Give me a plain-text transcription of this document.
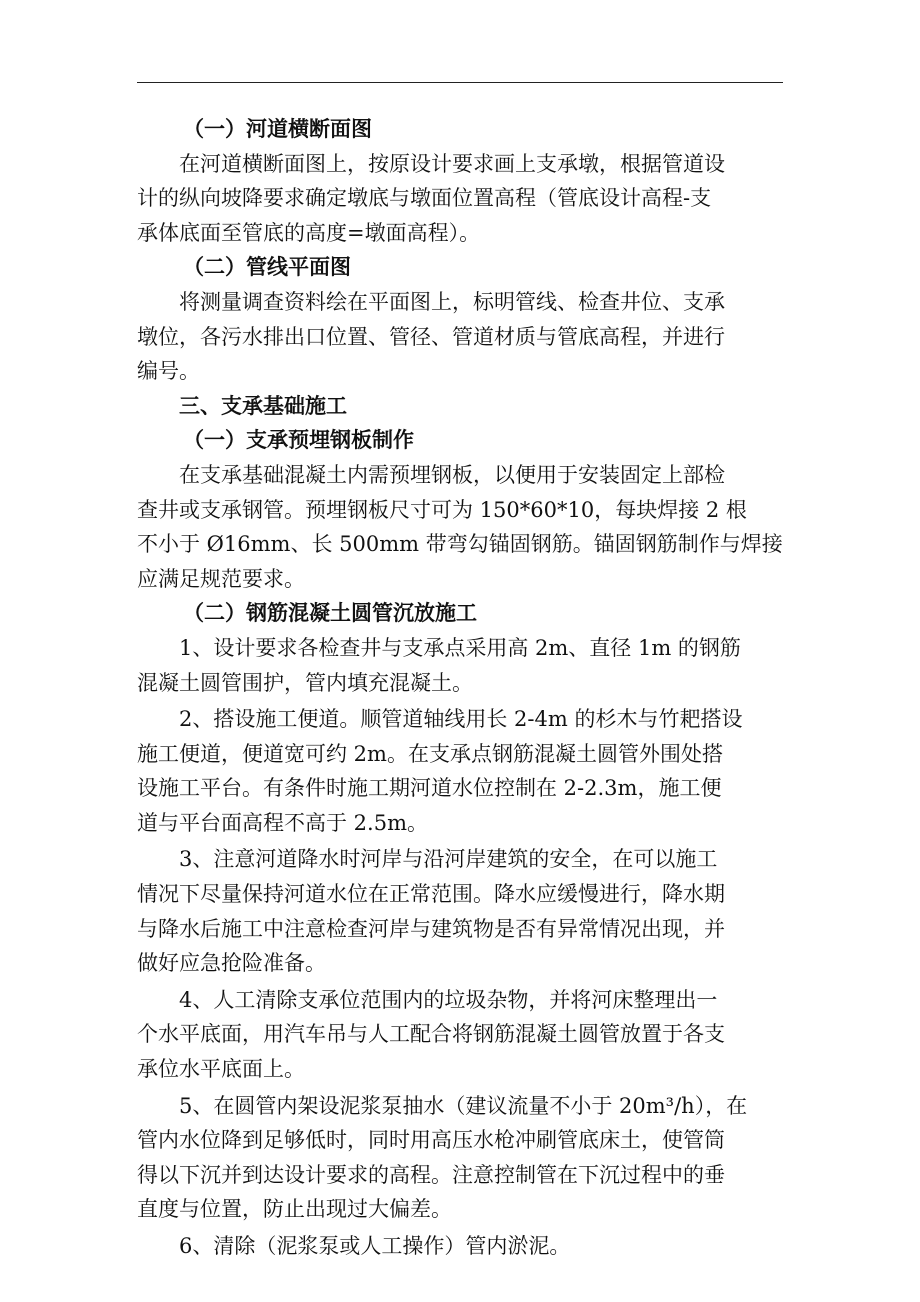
（一）河道横断面图
在河道横断面图上，按原设计要求画上支承墩，根据管道设
计的纵向坡降要求确定墩底与墩面位置高程（管底设计高程-支
承体底面至管底的高度=墩面高程）。
（二）管线平面图
将测量调查资料绘在平面图上，标明管线、检查井位、支承
墩位，各污水排出口位置、管径、管道材质与管底高程，并进行
编号。
三、支承基础施工
（一）支承预埋钢板制作
在支承基础混凝土内需预埋钢板，以便用于安装固定上部检
查井或支承钢管。预埋钢板尺寸可为 150*60*10，每块焊接 2 根
不小于 Ø16mm、长 500mm 带弯勾锚固钢筋。锚固钢筋制作与焊接
应满足规范要求。
（二）钢筋混凝土圆管沉放施工
1、设计要求各检查井与支承点采用高 2m、直径 1m 的钢筋
混凝土圆管围护，管内填充混凝土。
2、搭设施工便道。顺管道轴线用长 2-4m 的杉木与竹耙搭设
施工便道，便道宽可约 2m。在支承点钢筋混凝土圆管外围处搭
设施工平台。有条件时施工期河道水位控制在 2-2.3m，施工便
道与平台面高程不高于 2.5m。
3、注意河道降水时河岸与沿河岸建筑的安全，在可以施工
情况下尽量保持河道水位在正常范围。降水应缓慢进行，降水期
与降水后施工中注意检查河岸与建筑物是否有异常情况出现，并
做好应急抢险准备。
4、人工清除支承位范围内的垃圾杂物，并将河床整理出一
个水平底面，用汽车吊与人工配合将钢筋混凝土圆管放置于各支
承位水平底面上。
5、在圆管内架设泥浆泵抽水（建议流量不小于 20m³/h），在
管内水位降到足够低时，同时用高压水枪冲刷管底床土，使管筒
得以下沉并到达设计要求的高程。注意控制管在下沉过程中的垂
直度与位置，防止出现过大偏差。
6、清除（泥浆泵或人工操作）管内淤泥。
